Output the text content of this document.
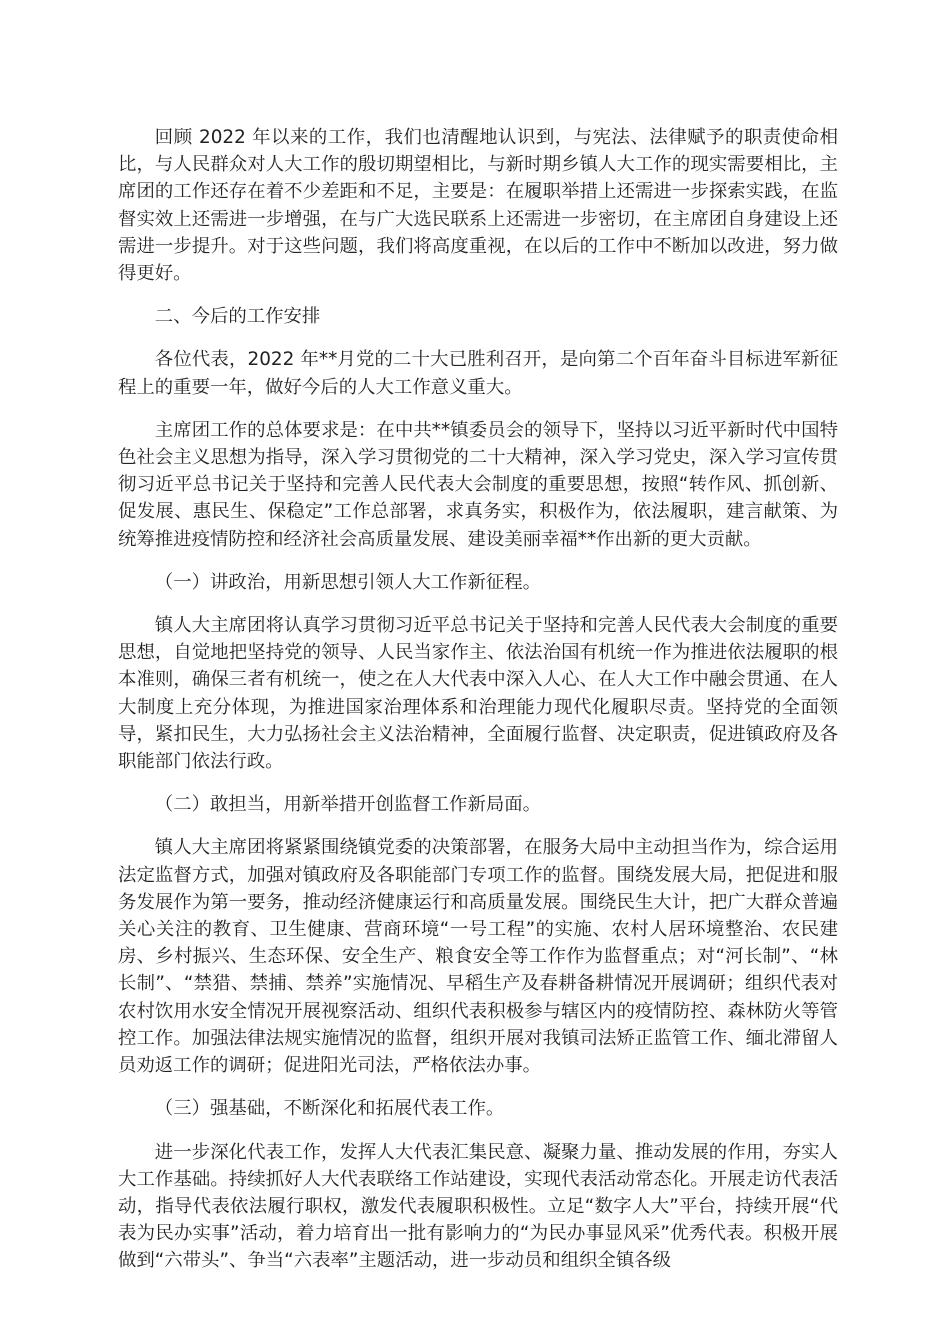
回顾 2022 年以来的工作，我们也清醒地认识到，与宪法、法律赋予的职责使命相比，与人民群众对人大工作的殷切期望相比，与新时期乡镇人大工作的现实需要相比，主席团的工作还存在着不少差距和不足，主要是：在履职举措上还需进一步探索实践，在监督实效上还需进一步增强，在与广大选民联系上还需进一步密切，在主席团自身建设上还需进一步提升。对于这些问题，我们将高度重视，在以后的工作中不断加以改进，努力做得更好。

二、今后的工作安排

各位代表，2022 年**月党的二十大已胜利召开，是向第二个百年奋斗目标进军新征程上的重要一年，做好今后的人大工作意义重大。

主席团工作的总体要求是：在中共**镇委员会的领导下，坚持以习近平新时代中国特色社会主义思想为指导，深入学习贯彻党的二十大精神，深入学习党史，深入学习宣传贯彻习近平总书记关于坚持和完善人民代表大会制度的重要思想，按照“转作风、抓创新、促发展、惠民生、保稳定”工作总部署，求真务实，积极作为，依法履职，建言献策、为统筹推进疫情防控和经济社会高质量发展、建设美丽幸福**作出新的更大贡献。

（一）讲政治，用新思想引领人大工作新征程。

镇人大主席团将认真学习贯彻习近平总书记关于坚持和完善人民代表大会制度的重要思想，自觉地把坚持党的领导、人民当家作主、依法治国有机统一作为推进依法履职的根本准则，确保三者有机统一，使之在人大代表中深入人心、在人大工作中融会贯通、在人大制度上充分体现，为推进国家治理体系和治理能力现代化履职尽责。坚持党的全面领导，紧扣民生，大力弘扬社会主义法治精神，全面履行监督、决定职责，促进镇政府及各职能部门依法行政。

（二）敢担当，用新举措开创监督工作新局面。

镇人大主席团将紧紧围绕镇党委的决策部署，在服务大局中主动担当作为，综合运用法定监督方式，加强对镇政府及各职能部门专项工作的监督。围绕发展大局，把促进和服务发展作为第一要务，推动经济健康运行和高质量发展。围绕民生大计，把广大群众普遍关心关注的教育、卫生健康、营商环境“一号工程”的实施、农村人居环境整治、农民建房、乡村振兴、生态环保、安全生产、粮食安全等工作作为监督重点；对“河长制”、“林长制”、“禁猎、禁捕、禁养”实施情况、早稻生产及春耕备耕情况开展调研；组织代表对农村饮用水安全情况开展视察活动、组织代表积极参与辖区内的疫情防控、森林防火等管控工作。加强法律法规实施情况的监督，组织开展对我镇司法矫正监管工作、缅北滞留人员劝返工作的调研；促进阳光司法，严格依法办事。

（三）强基础，不断深化和拓展代表工作。

进一步深化代表工作，发挥人大代表汇集民意、凝聚力量、推动发展的作用，夯实人大工作基础。持续抓好人大代表联络工作站建设，实现代表活动常态化。开展走访代表活动，指导代表依法履行职权，激发代表履职积极性。立足“数字人大”平台，持续开展“代表为民办实事”活动，着力培育出一批有影响力的“为民办事显风采”优秀代表。积极开展做到“六带头”、争当“六表率”主题活动，进一步动员和组织全镇各级
